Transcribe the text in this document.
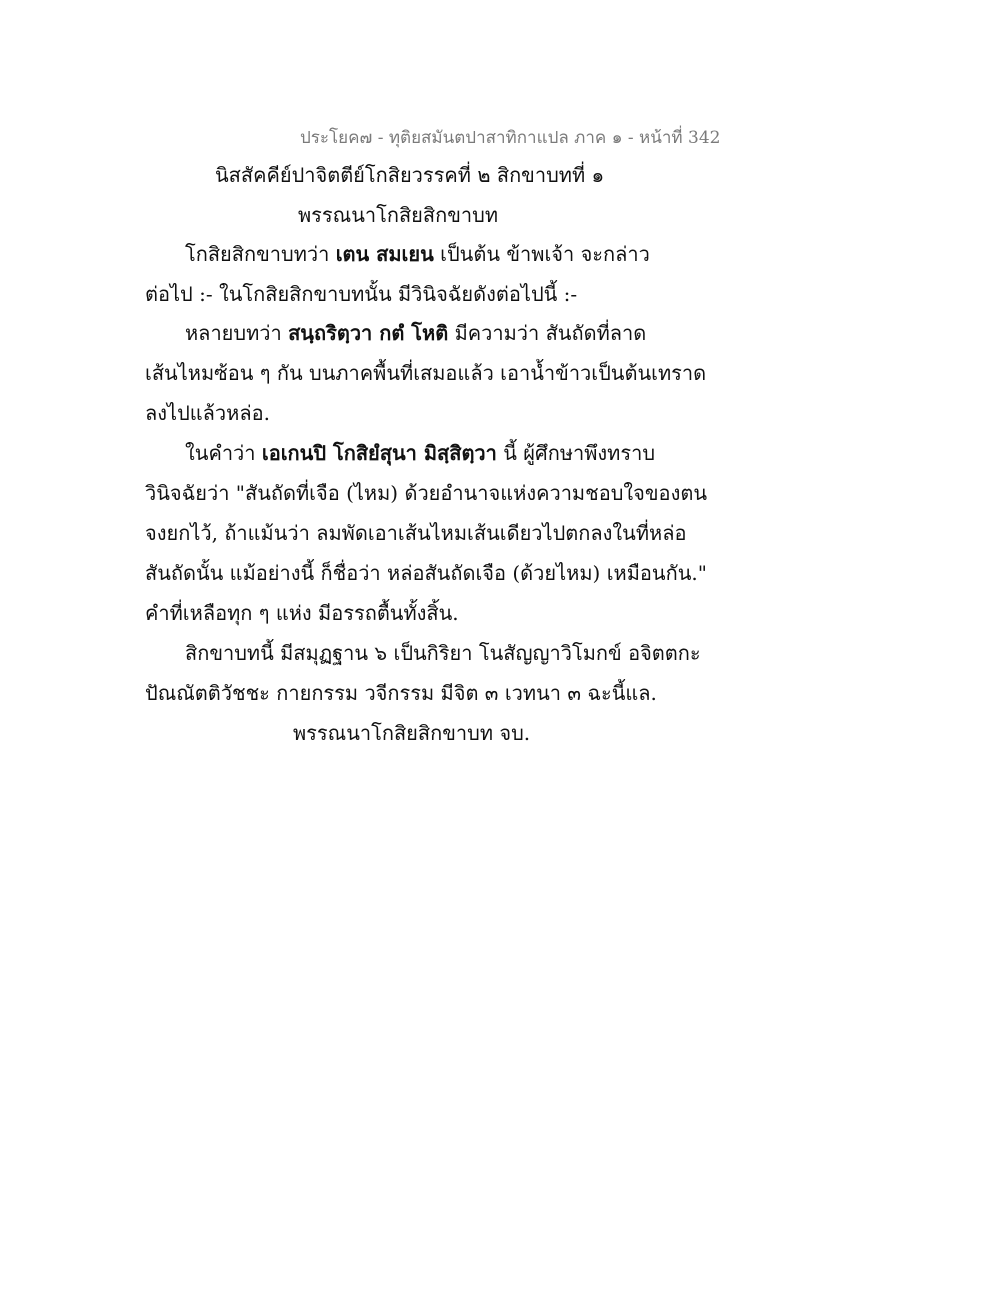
ประโยค๗ - ทุติยสมันตปาสาทิกาแปล ภาค ๑ - หน้าที่ 342
นิสสัคคีย์ปาจิตตีย์โกสิยวรรคที่ ๒ สิกขาบทที่ ๑
พรรณนาโกสิยสิกขาบท
โกสิยสิกขาบทว่า เตน สมเยน เป็นต้น ข้าพเจ้า จะกล่าว
ต่อไป :- ในโกสิยสิกขาบทนั้น มีวินิจฉัยดังต่อไปนี้ :-
หลายบทว่า สนฺถริตฺวา กตํ โหติ มีความว่า สันถัดที่ลาด
เส้นไหมซ้อน ๆ กัน บนภาคพื้นที่เสมอแล้ว เอาน้ำข้าวเป็นต้นเทราด
ลงไปแล้วหล่อ.
ในคำว่า เอเกนปิ โกสิยํสุนา มิสฺสิตฺวา นี้ ผู้ศึกษาพึงทราบ
วินิจฉัยว่า "สันถัดที่เจือ (ไหม) ด้วยอำนาจแห่งความชอบใจของตน
จงยกไว้, ถ้าแม้นว่า ลมพัดเอาเส้นไหมเส้นเดียวไปตกลงในที่หล่อ
สันถัดนั้น แม้อย่างนี้ ก็ชื่อว่า หล่อสันถัดเจือ (ด้วยไหม) เหมือนกัน."
คำที่เหลือทุก ๆ แห่ง มีอรรถตื้นทั้งสิ้น.
สิกขาบทนี้ มีสมุฏฐาน ๖ เป็นกิริยา โนสัญญาวิโมกข์ อจิตตกะ
ปัณณัตติวัชชะ กายกรรม วจีกรรม มีจิต ๓ เวทนา ๓ ฉะนี้แล.
พรรณนาโกสิยสิกขาบท จบ.
